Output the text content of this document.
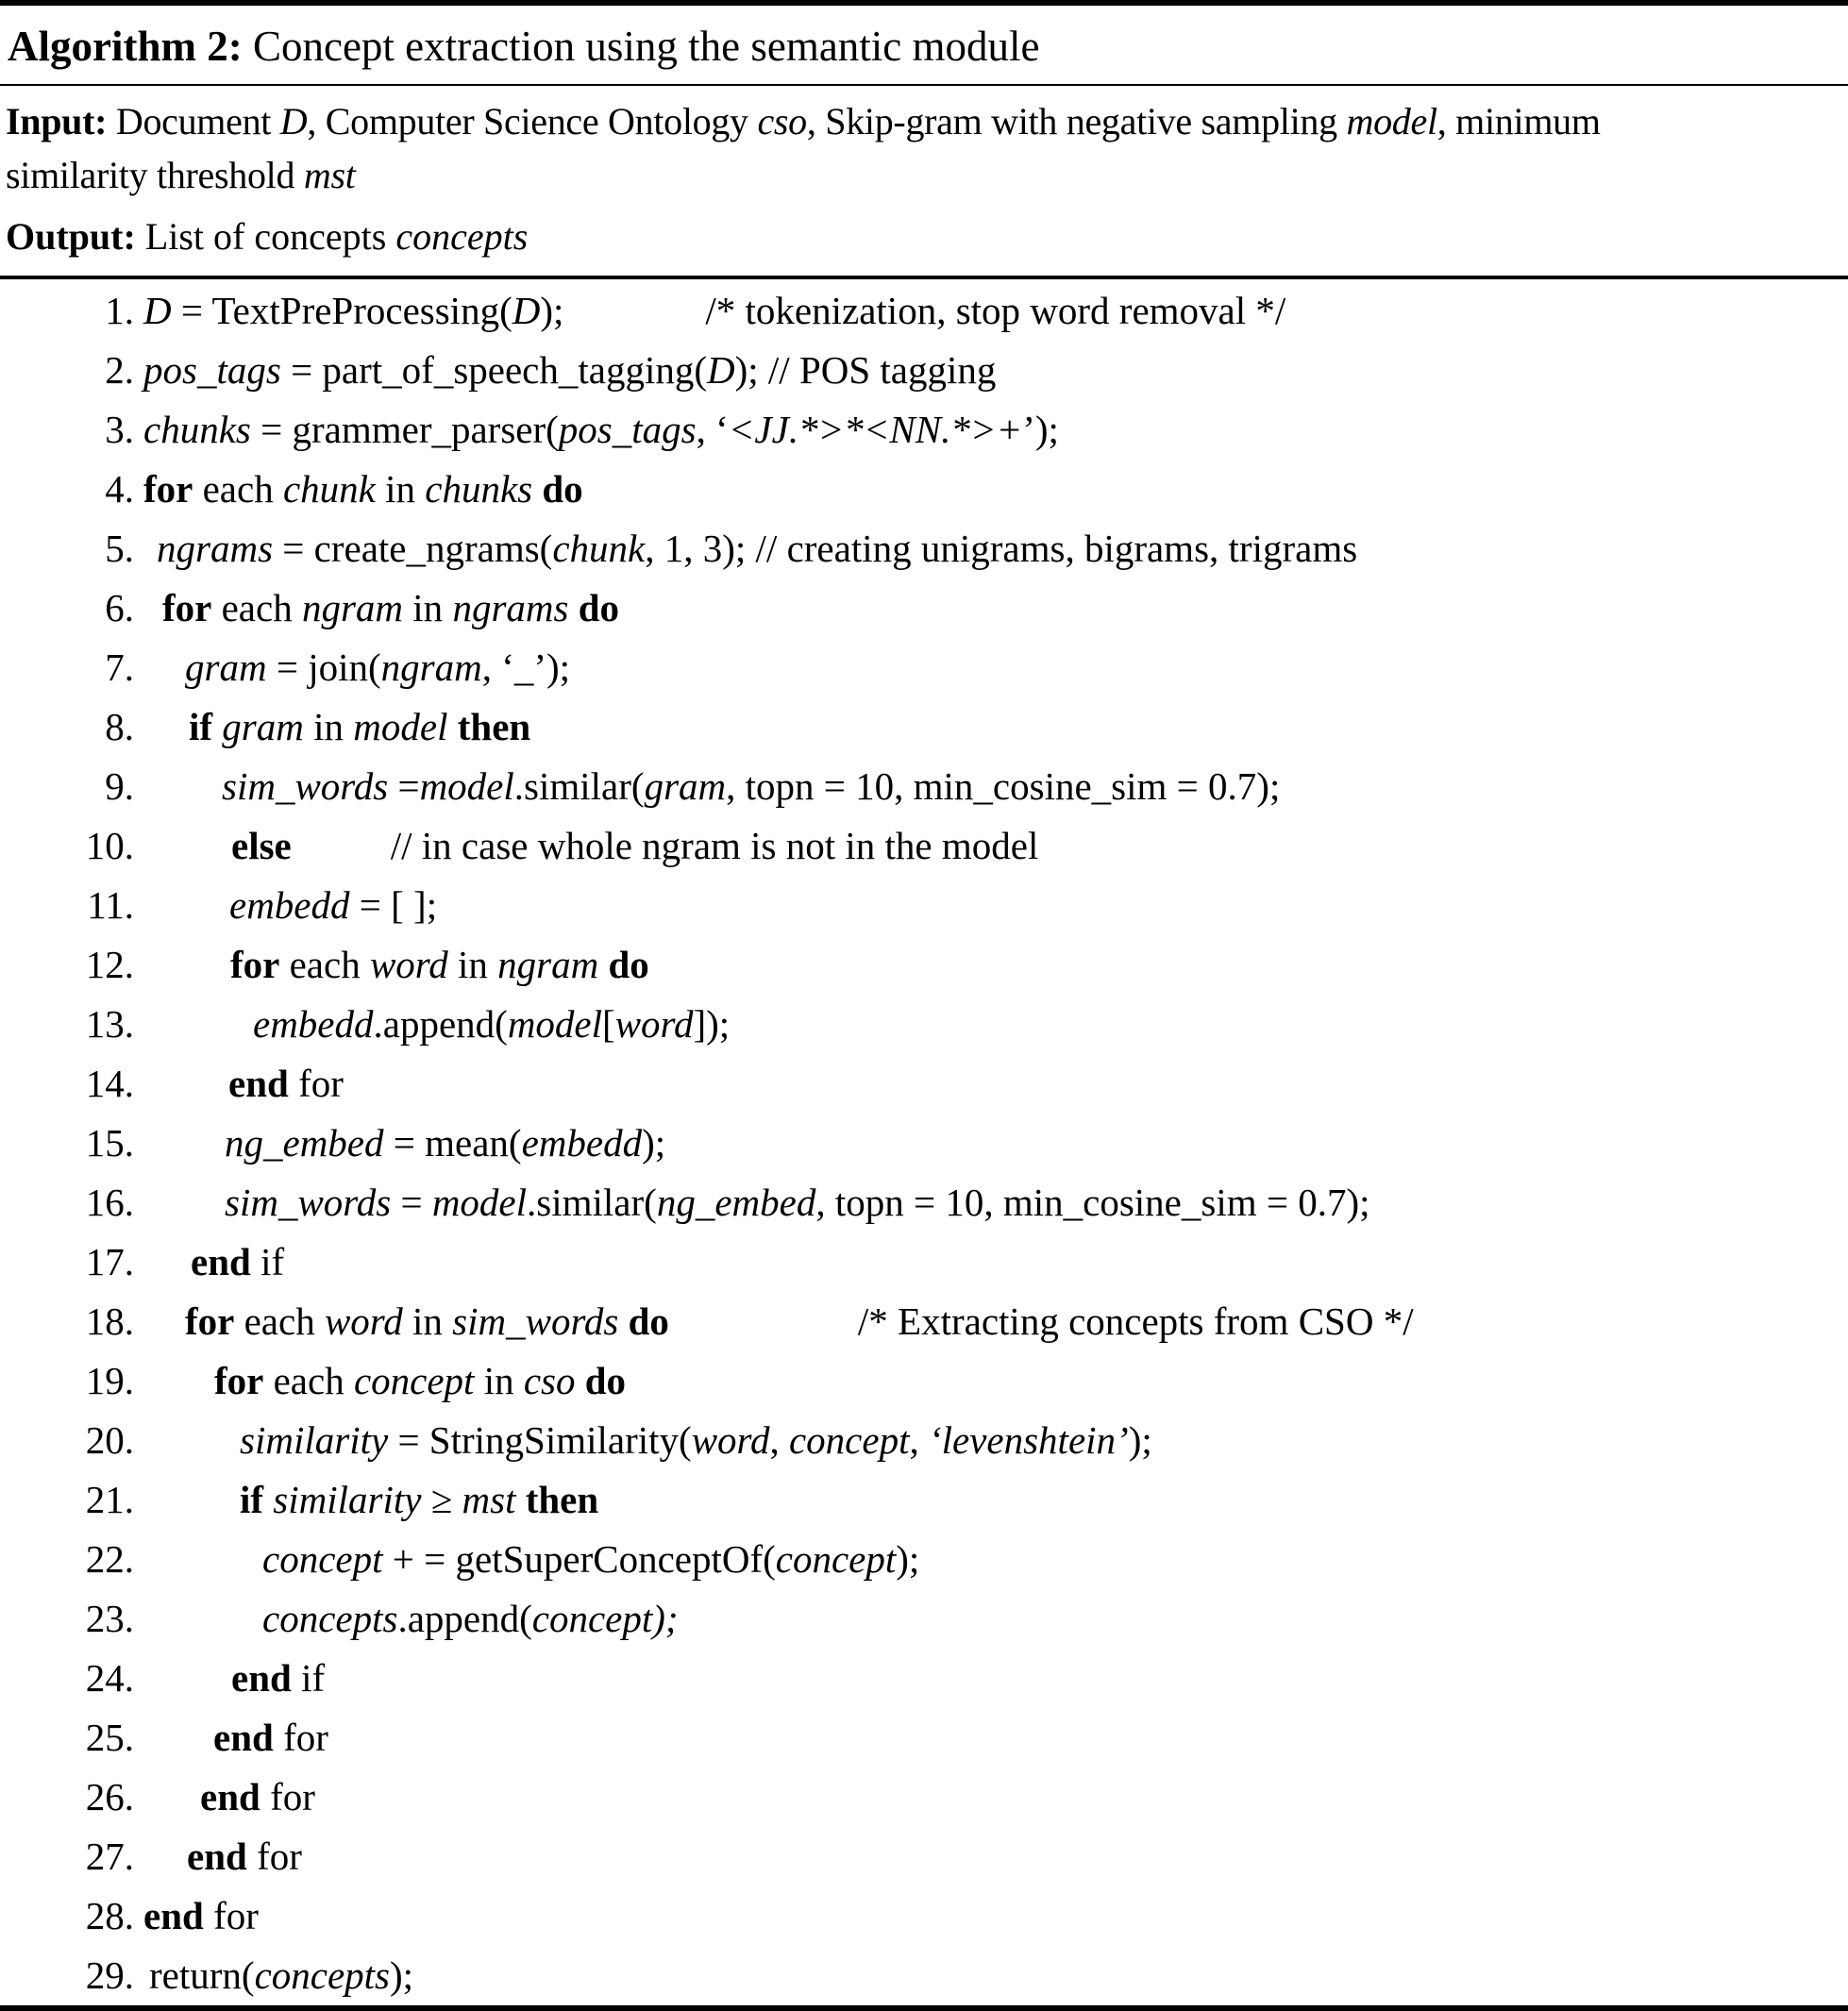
Algorithm 2: Concept extraction using the semantic module
Input: Document D, Computer Science Ontology cso, Skip-gram with negative sampling model, minimum
similarity threshold mst
Output: List of concepts concepts
1. D = TextPreProcessing(D);	/* tokenization, stop word removal */
2. pos_tags = part_of_speech_tagging(D); // POS tagging
3. chunks = grammer_parser(pos_tags, ‘<JJ.*>*<NN.*>+’);
4. for each chunk in chunks do
5. ngrams = create_ngrams(chunk, 1, 3); // creating unigrams, bigrams, trigrams
6. for each ngram in ngrams do
7.	gram = join(ngram, ‘_’);
8.	if gram in model then
9.	sim_words =model.similar(gram, topn = 10, min_cosine_sim = 0.7);
10.	else	// in case whole ngram is not in the model
11.	embedd = [ ];
12.	for each word in ngram do
13.	embedd.append(model[word]);
14.	end for
15.	ng_embed = mean(embedd);
16.	sim_words = model.similar(ng_embed, topn = 10, min_cosine_sim = 0.7);
17.	end if
18.	for each word in sim_words do	/* Extracting concepts from CSO */
19.	for each concept in cso do
20.	similarity = StringSimilarity(word, concept, ‘levenshtein’);
21.	if similarity ≥ mst then
22.	concept + = getSuperConceptOf(concept);
23.	concepts.append(concept);
24.	end if
25.	end for
26.	end for
27.	end for
28. end for
29. return(concepts);
